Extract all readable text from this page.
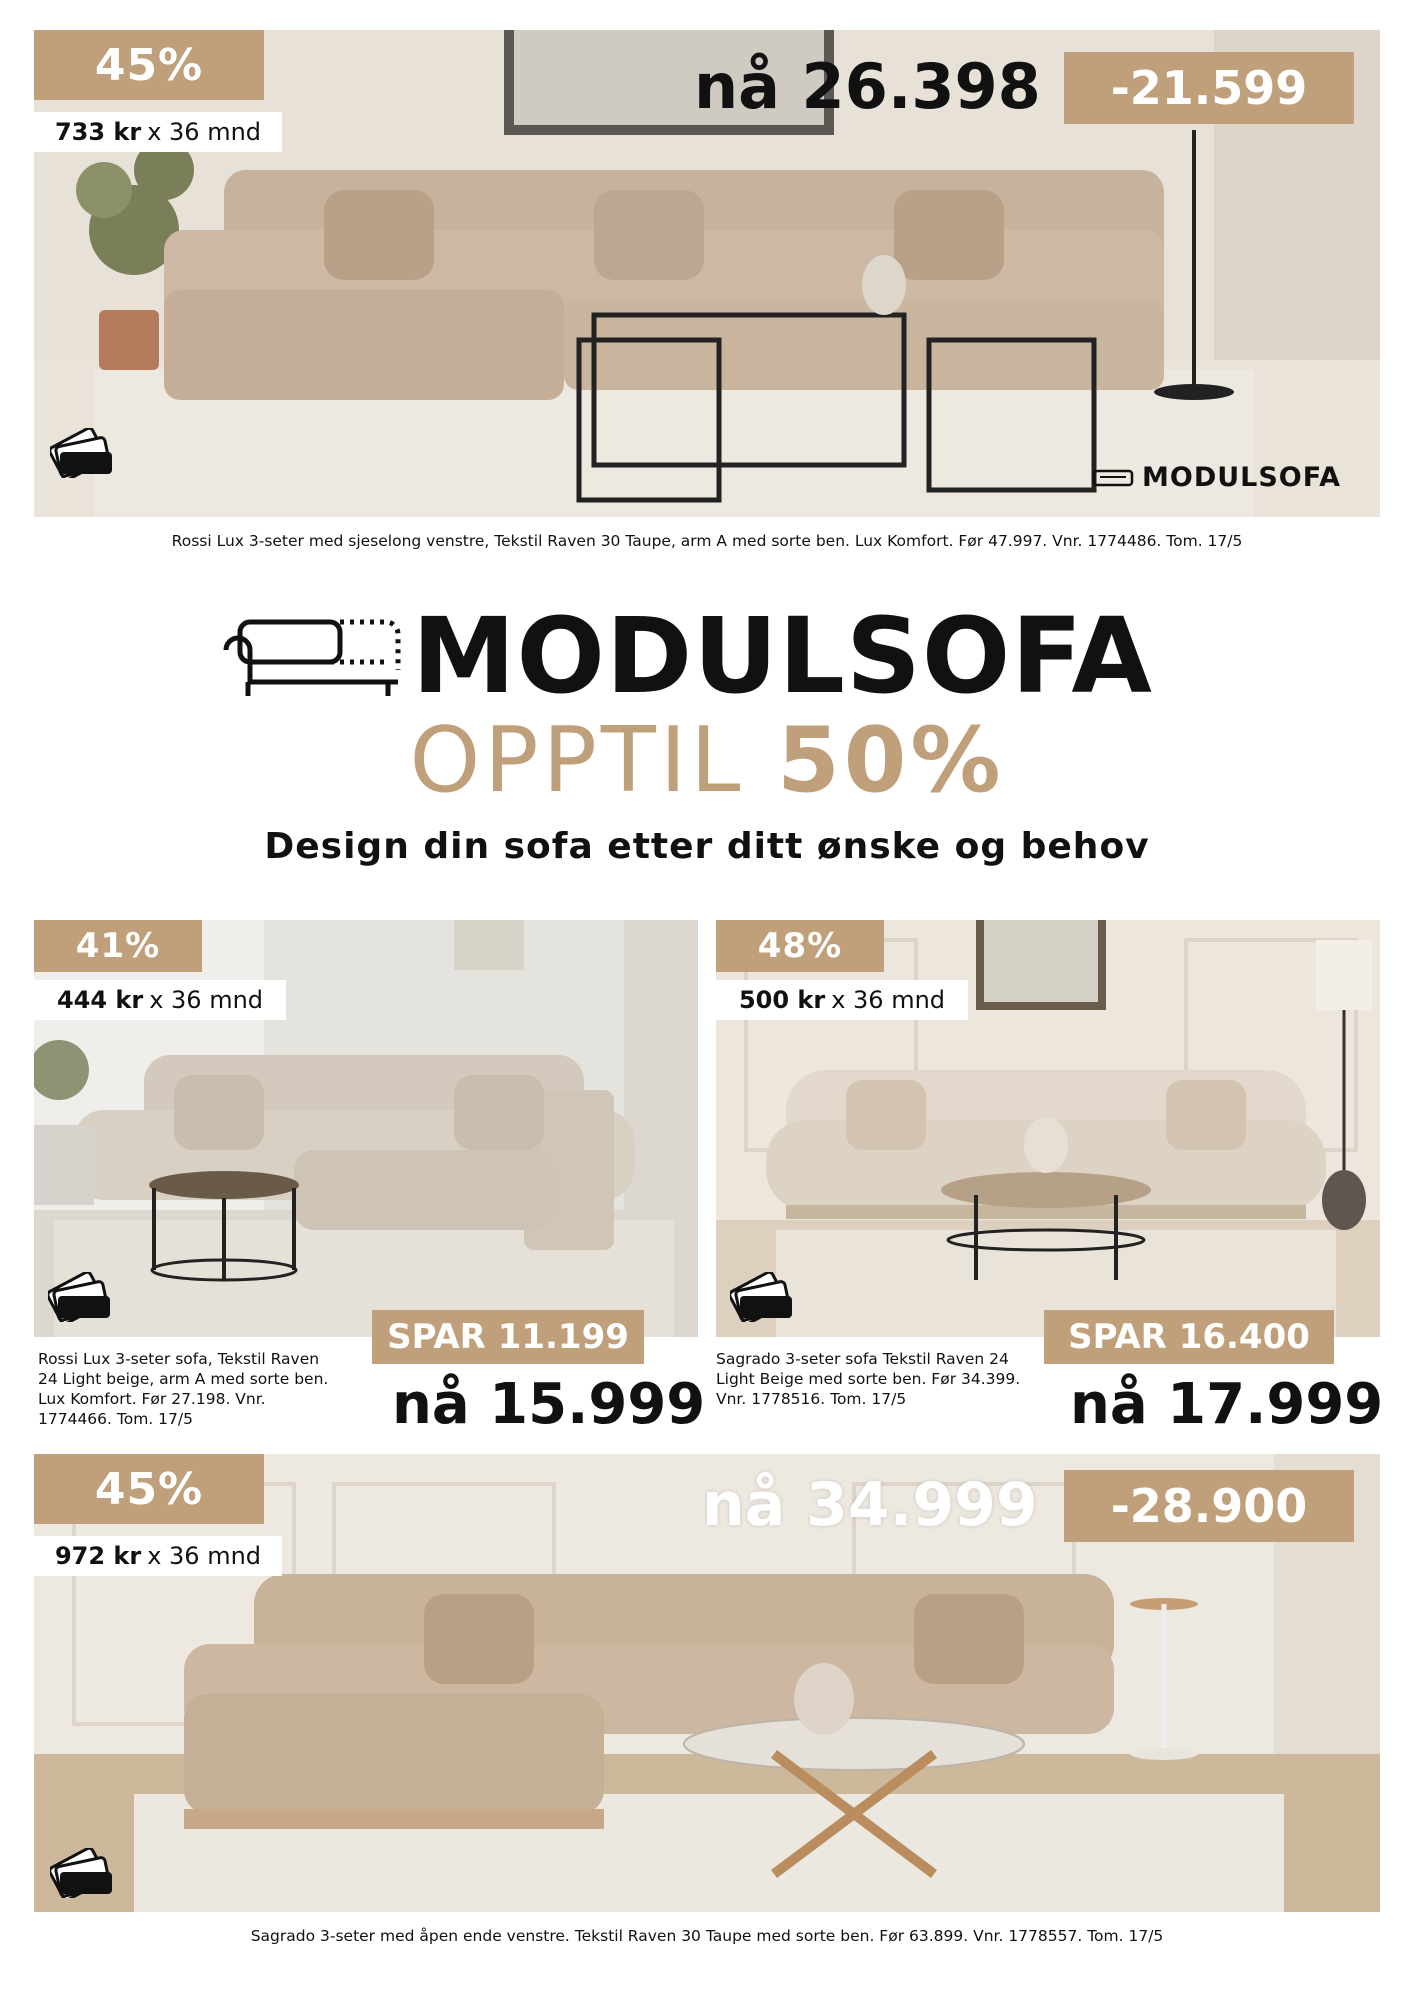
45%
733 kr x 36 mnd
nå 26.398	-21.599
MODULSOFA
Rossi Lux 3-seter med sjeselong venstre, Tekstil Raven 30 Taupe, arm A med sorte ben. Lux Komfort. Før 47.997. Vnr. 1774486. Tom. 17/5
MODULSOFA
OPPTIL 50%
Design din sofa etter ditt ønske og behov
41%
444 kr x 36 mnd
SPAR 11.199
Rossi Lux 3-seter sofa, Tekstil Raven 24 Light beige, arm A med sorte ben. Lux Komfort. Før 27.198. Vnr. 1774466. Tom. 17/5	nå 15.999
48%
500 kr x 36 mnd
SPAR 16.400
Sagrado 3-seter sofa Tekstil Raven 24 Light Beige med sorte ben. Før 34.399. Vnr. 1778516. Tom. 17/5	nå 17.999
45%
972 kr x 36 mnd
nå 34.999	-28.900
Sagrado 3-seter med åpen ende venstre. Tekstil Raven 30 Taupe med sorte ben. Før 63.899. Vnr. 1778557. Tom. 17/5
